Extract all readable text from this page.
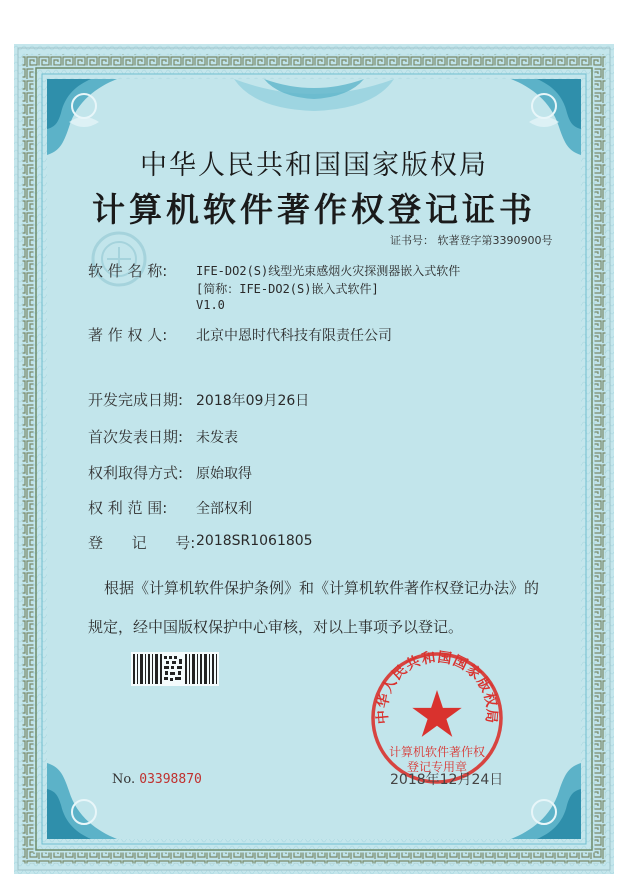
中华人民共和国国家版权局
计算机软件著作权登记证书
证书号： 软著登字第3390900号
软 件 名 称: IFE-DO2(S)线型光束感烟火灾探测器嵌入式软件
[简称：IFE-DO2(S)嵌入式软件]
V1.0
著 作 权 人: 北京中恩时代科技有限责任公司
开发完成日期: 2018年09月26日
首次发表日期: 未发表
权利取得方式: 原始取得
权 利 范 围: 全部权利
登      记      号: 2018SR1061805
根据《计算机软件保护条例》和《计算机软件著作权登记办法》的
规定，经中国版权保护中心审核，对以上事项予以登记。
中华人民共和国国家版权局
计算机软件著作权
登记专用章
No. 03398870	2018年12月24日
